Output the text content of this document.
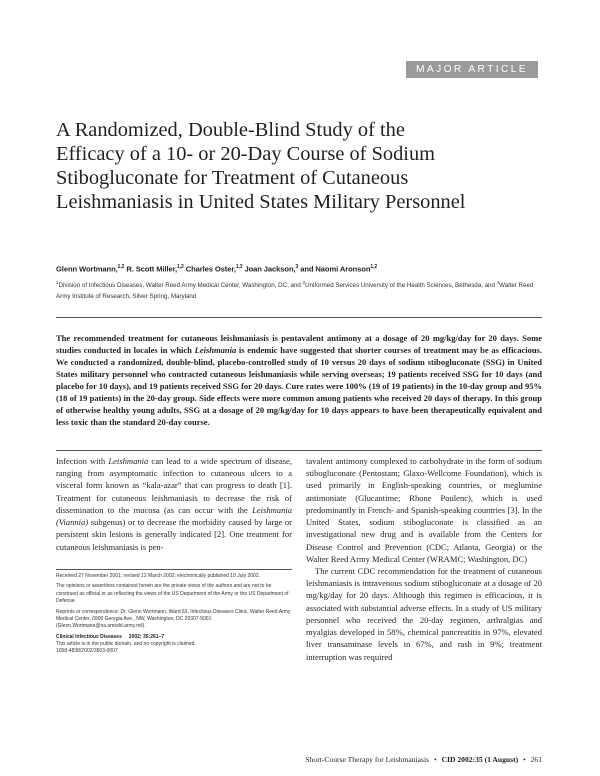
MAJOR ARTICLE
A Randomized, Double-Blind Study of the Efficacy of a 10- or 20-Day Course of Sodium Stibogluconate for Treatment of Cutaneous Leishmaniasis in United States Military Personnel
Glenn Wortmann,$^{1,2}$ R. Scott Miller,$^{1,2}$ Charles Oster,$^{1,3}$ Joan Jackson,$^3$ and Naomi Aronson$^{1,2}$
$^1$Division of Infectious Diseases, Walter Reed Army Medical Center, Washington, DC; and $^2$Uniformed Services University of the Health Sciences, Bethesda, and $^3$Walter Reed Army Institute of Research, Silver Spring, Maryland

The recommended treatment for cutaneous leishmaniasis is pentavalent antimony at a dosage of 20 mg/kg/day for 20 days. Some studies conducted in locales in which Leishmania is endemic have suggested that shorter courses of treatment may be as efficacious. We conducted a randomized, double-blind, placebo-controlled study of 10 versus 20 days of sodium stibogluconate (SSG) in United States military personnel who contracted cutaneous leishmaniasis while serving overseas; 19 patients received SSG for 10 days (and placebo for 10 days), and 19 patients received SSG for 20 days. Cure rates were 100% (19 of 19 patients) in the 10-day group and 95% (18 of 19 patients) in the 20-day group. Side effects were more common among patients who received 20 days of therapy. In this group of otherwise healthy young adults, SSG at a dosage of 20 mg/kg/day for 10 days appears to have been therapeutically equivalent and less toxic than the standard 20-day course.

Infection with Leishmania can lead to a wide spectrum of disease, ranging from asymptomatic infection to cutaneous ulcers to a visceral form known as “kala-azar” that can progress to death [1]. Treatment for cutaneous leishmaniasis to decrease the risk of dissemination to the mucosa (as can occur with the Leishmania (Viannia) subgenus) or to decrease the morbidity caused by large or persistent skin lesions is generally indicated [2]. One treatment for cutaneous leishmaniasis is pen-

Received 27 November 2001; revised 12 March 2002; electronically published 10 July 2002.

The opinions or assertions contained herein are the private views of the authors and are not to be construed as official or as reflecting the views of the US Department of the Army or the US Department of Defense.

Reprints or correspondence: Dr. Glenn Wortmann, Ward 63, Infectious Diseases Clinic, Walter Reed Army Medical Center, 6900 Georgia Ave., NW, Washington, DC 20307-5001 (Glenn.Wortmann@na.amedd.army.mil).

Clinical Infectious Diseases     2002; 35:261–7

This article is in the public domain, and no copyright is claimed.

1058-4838/2002/3503-0007

tavalent antimony complexed to carbohydrate in the form of sodium stibogluconate (Pentostam; Glaxo-Wellcome Foundation), which is used primarily in English-speaking countries, or meglumine antimoniate (Glucantime; Rhone Poulenc), which is used predominantly in French- and Spanish-speaking countries [3]. In the United States, sodium stibogluconate is classified as an investigational new drug and is available from the Centers for Disease Control and Prevention (CDC; Atlanta, Georgia) or the Walter Reed Army Medical Center (WRAMC; Washington, DC)

The current CDC recommendation for the treatment of cutaneous leishmaniasis is intravenous sodium stibogluconate at a dosage of 20 mg/kg/day for 20 days. Although this regimen is efficacious, it is associated with substantial adverse effects. In a study of US military personnel who received the 20-day regimen, arthralgias and myalgias developed in 58%, chemical pancreatitis in 97%, elevated liver transaminase levels in 67%, and rash in 9%; treatment interruption was required

Short-Course Therapy for Leishmaniasis • CID 2002:35 (1 August) • 261
